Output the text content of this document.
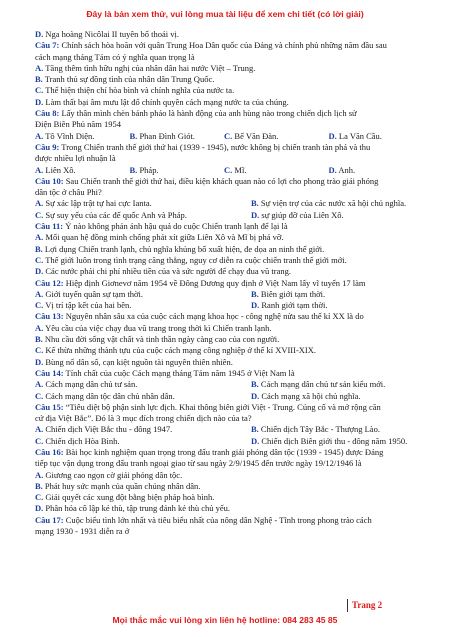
Đây là bản xem thử, vui lòng mua tài liệu để xem chi tiết (có lời giải)
D. Nga hoàng Nicôlai II tuyên bố thoái vị.
Câu 7: Chính sách hòa hoãn với quân Trung Hoa Dân quốc của Đảng và chính phủ những năm đầu sau
cách mạng tháng Tám có ý nghĩa quan trọng là
A. Tăng thêm tình hữu nghị của nhân dân hai nước Việt – Trung.
B. Tranh thủ sự đồng tình của nhân dân Trung Quốc.
C. Thể hiện thiện chí hòa bình và chính nghĩa của nước ta.
D. Làm thất bại âm mưu lật đổ chính quyền cách mạng nước ta của chúng.
Câu 8: Lấy thân mình chèn bánh pháo là hành động của anh hùng nào trong chiến dịch lịch sử
Điện Biên Phủ năm 1954
A. Tô Vĩnh Diện.	B. Phan Đình Giót.	C. Bế Văn Đàn.	D. La Văn Cầu.
Câu 9: Trong Chiến tranh thế giới thứ hai (1939 - 1945), nước không bị chiến tranh tàn phá và thu
được nhiều lợi nhuận là
A. Liên Xô.	B. Pháp.	C. Mĩ.	D. Anh.
Câu 10: Sau Chiến tranh thế giới thứ hai, điều kiện khách quan nào có lợi cho phong trào giải phóng
dân tộc ở châu Phi?
A. Sự xác lập trật tự hai cực Ianta.	B. Sự viện trợ của các nước xã hội chủ nghĩa.
C. Sự suy yếu của các đế quốc Anh và Pháp.	D. sự giúp đỡ của Liên Xô.
Câu 11: Ý nào không phản ánh hậu quả do cuộc Chiến tranh lạnh để lại là
A. Mối quan hệ đồng minh chống phát xít giữa Liên Xô và Mĩ bị phá vỡ.
B. Lợi dụng Chiến tranh lạnh, chủ nghĩa khủng bố xuất hiện, đe dọa an ninh thế giới.
C. Thế giới luôn trong tình trạng căng thẳng, nguy cơ diễn ra cuộc chiến tranh thế giới mới.
D. Các nước phải chi phí nhiều tiền của và sức người để chạy đua vũ trang.
Câu 12: Hiệp định Giơnevơ năm 1954 về Đông Dương quy định ở Việt Nam lấy vĩ tuyến 17 làm
A. Giới tuyến quân sự tạm thời.	B. Biên giới tạm thời.
C. Vị trí tập kết của hai bên.	D. Ranh giới tạm thời.
Câu 13: Nguyên nhân sâu xa của cuộc cách mạng khoa học - công nghệ nửa sau thế kỉ XX là do
A. Yêu cầu của việc chạy đua vũ trang trong thời kì Chiến tranh lạnh.
B. Nhu cầu đời sống vật chất và tinh thần ngày càng cao của con người.
C. Kế thừa những thành tựu của cuộc cách mạng công nghiệp ở thế kỉ XVIII-XIX.
D. Bùng nổ dân số, cạn kiệt nguồn tài nguyên thiên nhiên.
Câu 14: Tính chất của cuộc Cách mạng tháng Tám năm 1945 ở Việt Nam là
A. Cách mạng dân chủ tư sản.	B. Cách mạng dân chủ tư sản kiểu mới.
C. Cách mạng dân tộc dân chủ nhân dân.	D. Cách mạng xã hội chủ nghĩa.
Câu 15: “Tiêu diệt bộ phận sinh lực địch. Khai thông biên giới Việt - Trung. Củng cố và mở rộng căn
cứ địa Việt Bắc”. Đó là 3 mục đích trong chiến dịch nào của ta?
A. Chiến dịch Việt Bắc thu - đông 1947.	B. Chiến dịch Tây Bắc - Thượng Lào.
C. Chiến dịch Hòa Bình.	D. Chiến dịch Biên giới thu - đông năm 1950.
Câu 16: Bài học kinh nghiệm quan trọng trong đấu tranh giải phóng dân tộc (1939 - 1945) được Đảng
tiếp tục vận dụng trong đấu tranh ngoại giao từ sau ngày 2/9/1945 đến trước ngày 19/12/1946 là
A. Giương cao ngọn cờ giải phóng dân tộc.
B. Phát huy sức mạnh của quần chúng nhân dân.
C. Giải quyết các xung đột bằng biện pháp hoà bình.
D. Phân hóa cô lập kẻ thù, tập trung đánh kẻ thù chủ yếu.
Câu 17: Cuộc biểu tình lớn nhất và tiêu biểu nhất của nông dân Nghệ - Tĩnh trong phong trào cách
mạng 1930 - 1931 diễn ra ở
Trang 2
Mọi thắc mắc vui lòng xin liên hệ hotline: 084 283 45 85
